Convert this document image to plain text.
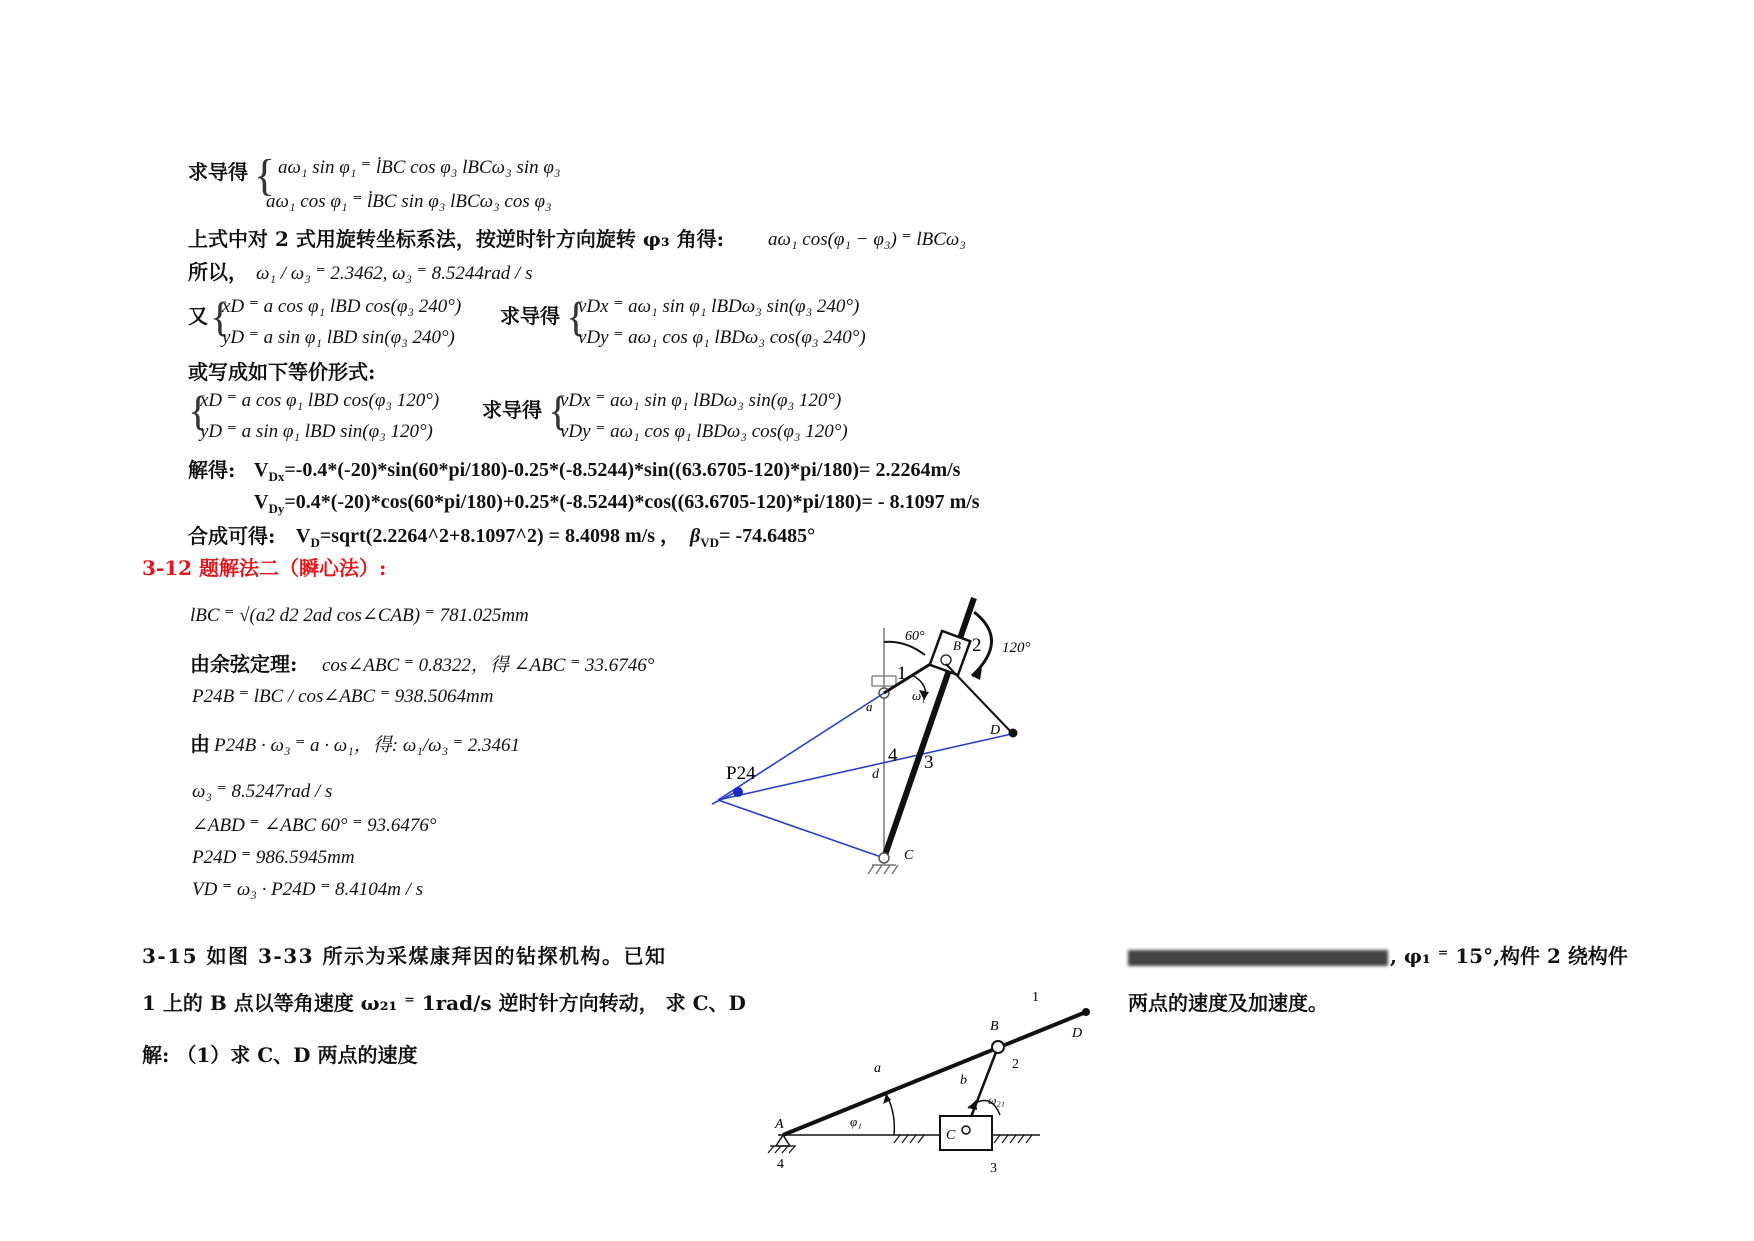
求导得 { aω₁ sin φ₁ ⁼ l̇BC cos φ₃ lBCω₃ sin φ₃
aω₁ cos φ₁ ⁼ l̇BC sin φ₃ lBCω₃ cos φ₃
上式中对 2 式用旋转坐标系法，按逆时针方向旋转 φ₃ 角得: aω₁ cos(φ₁ − φ₃) ⁼ lBCω₃
所以， ω₁ / ω₃ ⁼ 2.3462, ω₃ ⁼ 8.5244rad / s
又 {
xD ⁼ a cos φ₁ lBD cos(φ₃ 240°)
yD ⁼ a sin φ₁ lBD sin(φ₃ 240°)
求导得 {
vDx ⁼ aω₁ sin φ₁ lBDω₃ sin(φ₃ 240°)
vDy ⁼ aω₁ cos φ₁ lBDω₃ cos(φ₃ 240°)
或写成如下等价形式:
{
xD ⁼ a cos φ₁ lBD cos(φ₃ 120°)
yD ⁼ a sin φ₁ lBD sin(φ₃ 120°)
求导得 {
vDx ⁼ aω₁ sin φ₁ lBDω₃ sin(φ₃ 120°)
vDy ⁼ aω₁ cos φ₁ lBDω₃ cos(φ₃ 120°)
解得: $V_{Dx}=-0.4*(-20)*\sin(60*pi/180)-0.25*(-8.5244)*\sin((63.6705-120)*pi/180)= 2.2264m/s$
$V_{Dy}=0.4*(-20)*\cos(60*pi/180)+0.25*(-8.5244)*\cos((63.6705-120)*pi/180)= - 8.1097$ m/s
合成可得: $V_D=sqrt(2.2264\^{}2+8.1097\^{}2) = 8.4098$ m/s ， $\beta_{VD}= -74.6485^\circ$
3-12 题解法二（瞬心法）:
lBC ⁼ √(a2 d2 2ad cos∠CAB) ⁼ 781.025mm
由余弦定理: cos∠ABC ⁼ 0.8322，得 ∠ABC ⁼ 33.6746°
P24B ⁼ lBC / cos∠ABC ⁼ 938.5064mm
由 P24B · ω₃ ⁼ a · ω₁，得: ω₁/ω₃ ⁼ 2.3461
ω₃ ⁼ 8.5247rad / s
∠ABD ⁼ ∠ABC 60° ⁼ 93.6476°
P24D ⁼ 986.5945mm
VD ⁼ ω₃ · P24D ⁼ 8.4104m / s
60°
120°
1
2
3
4
B
C
D
d
a
ω₁
P24
3-15 如图 3-33 所示为采煤康拜因的钻探机构。已知	, φ₁ ⁼ 15°,构件 2 绕构件
1 上的 B 点以等角速度 ω₂₁ ⁼ 1rad/s 逆时针方向转动， 求 C、D	两点的速度及加速度。
解: （1）求 C、D 两点的速度
A
B
C
D
a
b
1
2
3
4
φ₁
ω₂₁
